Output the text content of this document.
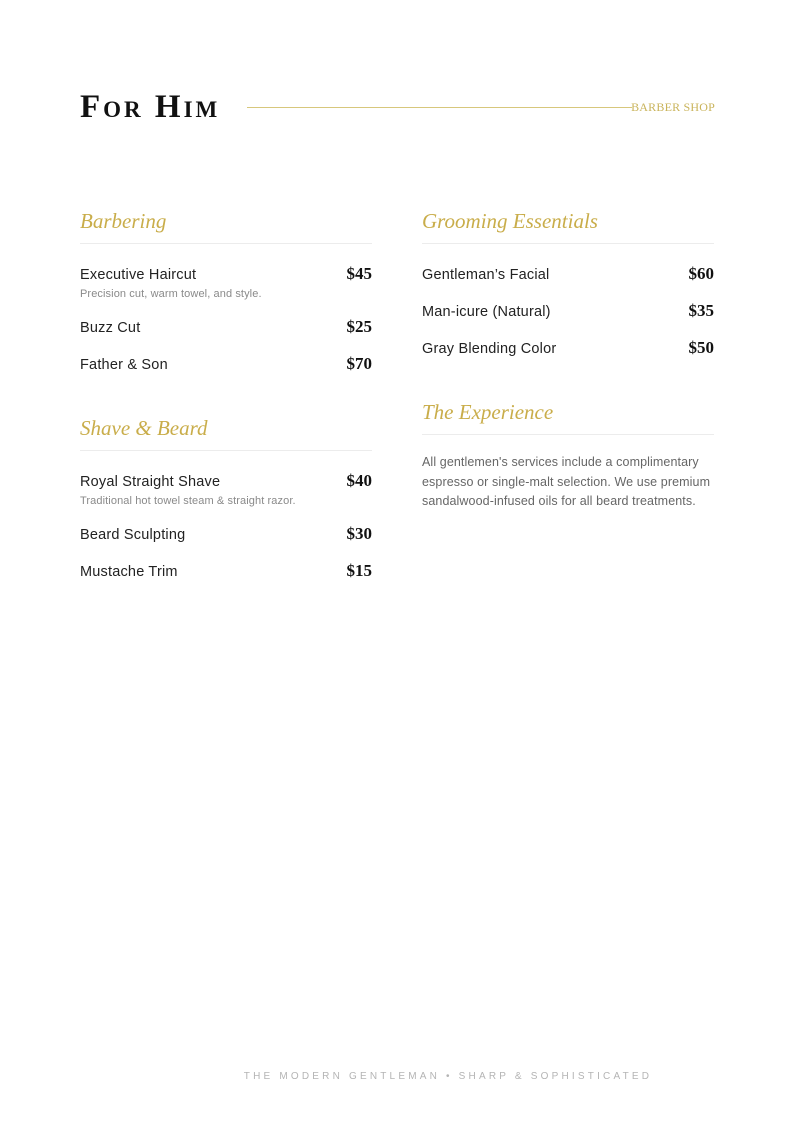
For Him	BARBER SHOP
Barbering
Executive Haircut	$45
Precision cut, warm towel, and style.
Buzz Cut	$25
Father & Son	$70
Shave & Beard
Royal Straight Shave	$40
Traditional hot towel steam & straight razor.
Beard Sculpting	$30
Mustache Trim	$15
Grooming Essentials
Gentleman’s Facial	$60
Man-icure (Natural)	$35
Gray Blending Color	$50
The Experience

All gentlemen's services include a complimentary espresso or single-malt selection. We use premium sandalwood-infused oils for all beard treatments.

THE MODERN GENTLEMAN • SHARP & SOPHISTICATED
